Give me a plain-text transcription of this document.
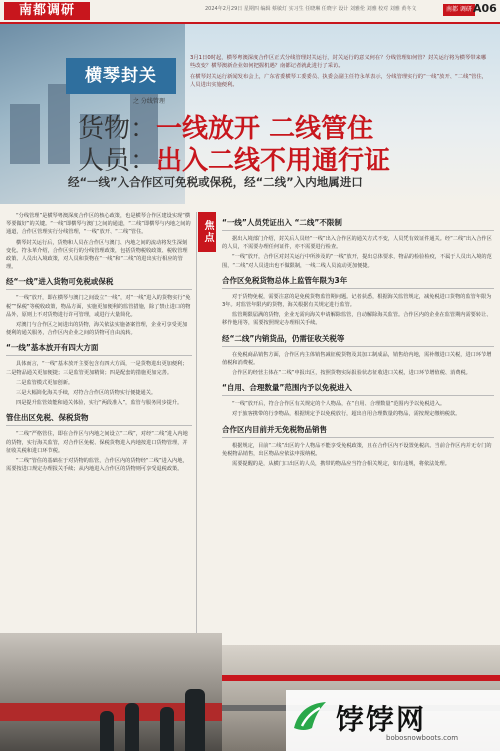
南都调研	2024年2月29日 星期四 编辑 蔡敏灯 实习生 任晓琳 任晓宇 设计 刘雅伦 刘雅 校对 刘雅 黄冬文	南都 调研 A06
横琴封关
之 分线管理

3月1日0时起，横琴粤澳深度合作区正式分线管理封关运行，封关运行的意义何在？分线管理如何管？封关运行将为横琴带来哪些改变？横琴澳新企业如何把握机遇？南都记者就此进行了采访。

在横琴封关运行新闻发布会上，广东省委横琴工委委员、执委会副主任符永革表示，分线管理实行的“一线”放开、“二线”管住，人员进出实施便利。

货物：一线放开 二线管住
人员：出入二线不用通行证
经“一线”入合作区可免税或保税，经“二线”入内地属进口

“分线管理”是横琴粤澳深度合作区的核心政策，也是横琴合作区建设实现“横琴要做好”的关键。“一线”即横琴与澳门之间的通道，“二线”即横琴与内地之间的通道，合作区管理实行分线管理，“一线”放开、“二线”管住。

横琴封关运行后，货物和人员在合作区与澳门、内地之间的流动将发生深刻变化。符永革介绍，合作区实行的分线管理政策，包括货物税收政策、税收管理政策、人员出入境政策，对人员和货物在“一线”和“二线”的进出实行相应的管理。

经“一线”进入货物可免税或保税

“一线”放开，即在横琴与澳门之间设立“一线”，对“一线”进入的货物实行“免税”“保税”等税收政策，物品方面，实施更加便利的监管措施，除了禁止进口的物品外，原则上不对货物进行许可管理，或进行大量简化。

对澳门与合作区之间进出的货物，海关依法实施备案管理，企业可享受更加便利的通关服务，合作区内企业之间的货物可自由流转。

“一线”基本放开有四大方面

具体而言，“一线”基本放开主要包含有四大方面，一是货物进出更加便利；二是物品通关更加便捷；三是监管更加精简；四是配套的措施更加完善。

二是监管模式更加创新。

三是大幅简化海关手续，对符合合作区的货物实行便捷通关。

四是提升监管效能和通关体验，实行“两段准入”，监管与服务同步提升。

管住出区免税、保税货物

“二线”严格管住，即在合作区与内地之间设立“二线”，对经“二线”进入内地的货物，实行海关监管，对合作区免税、保税货物进入内地按进口货物管理，并征收关税和进口环节税。

“二线”管住的基础在于对货物的监管，合作区内的货物经“二线”进入内地，需要按进口规定办理报关手续；从内地进入合作区的货物则可享受退税政策。

焦点	“一线”人员凭证出入 “二线”不限制

据出入境部门介绍，封关后人员经“一线”出入合作区的通关方式不变，人员凭有效证件通关。经“二线”出入合作区的人员，不需要办理任何证件，亦不需要进行检查。

“一线”放开，合作区对封关运行中所涉及的“一线”放开，提出总体要求，物品的检验检疫，不属于人员出入境的范围，“二线”对人员进出也不做限制，一线二线人员流动更加便捷。

合作区免税货物总体上监管年限为3年

对于货物免税，需要注意的是免税货物监管期问题。记者获悉，根据海关监管规定，减免税进口货物的监管年限为3年。对监管年限内的货物，海关根据有关规定进行监管。

监管期限届满的货物，企业无需向海关申请解除监管，自动解除海关监管。合作区内的企业在监管期内需要转让、移作他用等，需要按照规定办理相关手续。

经“二线”内销货品，仍需征收关税等

在免税商品销售方面，合作区内主体销售减征税货物及其加工制成品，销售给内地，需补缴进口关税，进口环节增值税和消费税。

合作区的经营主体在“二线”申报出区，按照货物实际报验状态征收进口关税，进口环节增值税、消费税。

“自用、合理数量”范围内予以免税进入

“一线”放开后，符合合作区有关规定的个人物品，在“自用、合理数量”范围内予以免税进入。

对于旅客携带的行李物品，根据规定予以免税放行，超出自用合理数量的物品，需按规定缴纳税款。

合作区内目前并无免税物品销售

根据规定，目前“二线”出区的个人物品不能享受免税政策，且在合作区内不设置免税店。当前合作区内并无专门的免税物品销售，出区物品应依法申报纳税。

需要提醒的是，从横门口出区的人员，携带的物品应当符合相关规定，如有违规，将依法处理。

饽饽网
bobosnowboots.com
